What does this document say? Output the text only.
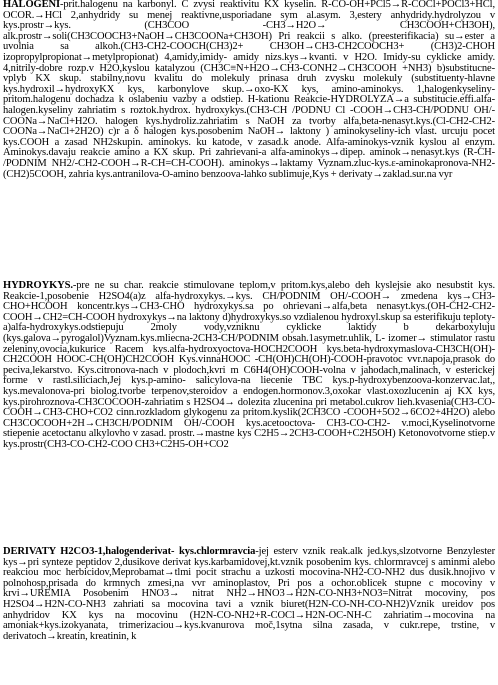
HALOGENI-prit.halogenu na karbonyl. C zvysi reaktivitu KX kyselin. R-CO-OH+PCl5→R-COCl+POCl3+HCl, OCOR.→HCl 2,anhydridy su menej reaktivne,usporiadane sym al.asym. 3,estery anhydridy.hydrolyzou v kys.prostr→kys. (CH3COO -CH3→H2O→ CH3COOH+CH3OH), alk.prostr→soli(CH3COOCH3+NaOH→CH3COONa+CH3OH) Pri reakcii s alko. (preesterifikacia) su→ester a uvolnia sa alkoh.(CH3-CH2-COOCH(CH3)2+ CH3OH→CH3-CH2COOCH3+ (CH3)2-CHOH izopropylpropionat→metylpropionat) 4,amidy,imidy- amidy nizs.kys→kvanti. v H2O. Imidy-su cyklicke amidy. 4,nitrily-dobre rozp.v H2O,kyslou katalyzou (CH3C≡N+H2O→CH3-CONH2→CH3COOH +NH3) b)substitucne-vplyb KX skup. stabilny,novu kvalitu do molekuly prinasa druh zvysku molekuly (substituenty-hlavne kys.hydroxil→hydroxyKX kys, karbonylove skup.→oxo-KX kys, amino-aminokys. 1,halogenkyseliny-pritom.halogenu dochadza k oslabeniu vazby a odstiep. H-kationu Reakcie-HYDROLYZA→a substitucie.effi.alfa-halogen.kyseliny zahriatim s roztok.hydrox. hydroxykys.(CH3-CH /PODNU Cl -COOH→CH3-CH/PODNU OH/-COONa→NaCl+H2O. halogen kys.hydroliz.zahriatim s NaOH za tvorby alfa,beta-nenasyt.kys.(Cl-CH2-CH2-COONa→NaCl+2H2O) c)r a δ halogen kys.posobenim NaOH→ laktony ) aminokyseliny-ich vlast. urcuju pocet kys.COOH a zasad NH2skupin. aminokys. ku katode, v zasad.k anode. Alfa-aminokys-vznik kyslou al enzym. Aminokys.davaju reakcie amino a KX skup. Pri zahrievani-a alfa-aminokys→dipep. aminok→nenasyt.kys (R-CH- /PODNIM NH2/-CH2-COOH→R-CH=CH-COOH). aminokys→laktamy Vyznam.zluc-kys.ε-aminokapronova-NH2-(CH2)5COOH, zahria kys.antranilova-O-amino benzoova-lahko sublimuje,Kys + derivaty→zaklad.sur.na vyr

HYDROYKYS.-pre ne su char. reakcie stimulovane teplom,v pritom.kys,alebo deh kyslejsie ako nesubstit kys. Reakcie-1,posobenie H2SO4(a)z alfa-hydroxykys.→kys. CH/PODNIM OH/-COOH→ zmedena kys→CH3-CHO+HCOOH koncentr.kys→CH3-CHO hydroxykys.sa po ohrievani→alfa,beta nenasyt.kys.(OH-CH2-CH2-COOH→CH2=CH-COOH hydroxykys→na laktony d)hydroxykys.so vzdialenou hydroxyl.skup sa esterifikuju teploty-a)alfa-hydroxykys.odstiepuju 2moly vody,vzniknu cyklicke laktidy b dekarboxyluju (kys.galova→pyrogalol)Vyznam.kys.mliecna-2CH3-CH/PODNIM obsah.1asymetr.uhlik, L- izomer→ stimulator rastu zeleniny,ovocia,kukurice Racem kys.alfa-hydroxyoctova-HOCH2COOH kys.beta-hydroxymaslova-CH3CH(OH)-CH2COOH HOOC-CH(OH)CH2COOH Kys.vinnaHOOC -CH(OH)CH(OH)-COOH-pravotoc vvr.napoja,prasok do peciva,lekarstvo. Kys.citronova-nach v plodoch,kvri m C6H4(OH)COOH-volna v jahodach,malinach, v esterickej forme v rastl.siliciach,Jej kys.p-amino- salicylova-na liecenie TBC kys.p-hydroxybenzoova-konzervac.lat,, kys.mevalonova-pri biolog.tvorbe terpenov,steroidov a endogen.hormonov.3,oxokar vlast.oxozlucenin aj KX kys, kys.pirohroznova-CH3COCOOH-zahriatim s H2SO4→ dolezita zlucenina pri metabol.cukrov lieh.kvasenia(CH3-CO-COOH→CH3-CHO+CO2 cinn.rozkladom glykogenu za pritom.kyslik(2CH3CO -COOH+5O2→6CO2+4H2O) alebo CH3COCOOH+2H→CH3CH/PODNIM OH/-COOH kys.acetooctova- CH3-CO-CH2- v.moci,Kyselinotvorne stiepenie acetoctanu alkylovho v zasad. prostr.→mastne kys C2H5→2CH3-COOH+C2H5OH) Ketonovotvorne stiep.v kys.prostr(CH3-CO-CH2-COO CH3+C2H5-OH+CO2

DERIVATY H2CO3-1,halogenderivat- kys.chlormravcia-jej esterv vznik reak.alk jed.kys,slzotvorne Benzylester kys→pri synteze peptidov 2,dusikove derivat kys.karbamidovej,kt.vznik posobenim kys. chlormravcej s aminmi alebo reakciou moc herbicidov,Meprobamat→tlmi pocit strachu a uzkosti mocovina-NH2-CO-NH2 dus dusik.hnojivo v polnohosp,prisada do krmnych zmesi,na vvr aminoplastov, Pri pos a ochor.oblicek stupne c mocoviny v krvi→UREMIA Posobenim HNO3→ nitrat NH2→HNO3→H2N-CO-NH3+NO3=Nitrat mocoviny, pos H2SO4→H2N-CO-NH3 zahriati sa mocovina tavi a vznik biuret(H2N-CO-NH-CO-NH2)Vznik ureidov pos anhydridov KX kys na mocovinu (H2N-CO-NH2+R-COCl→H2N-OC-NH-C zahriatim→mocovina na amoniak+kys.izokyanata, trimerizaciou→kys.kvanurova moč,1sytna silna zasada, v cukr.repe, trstine, v derivatoch→kreatin, kreatinin, k
